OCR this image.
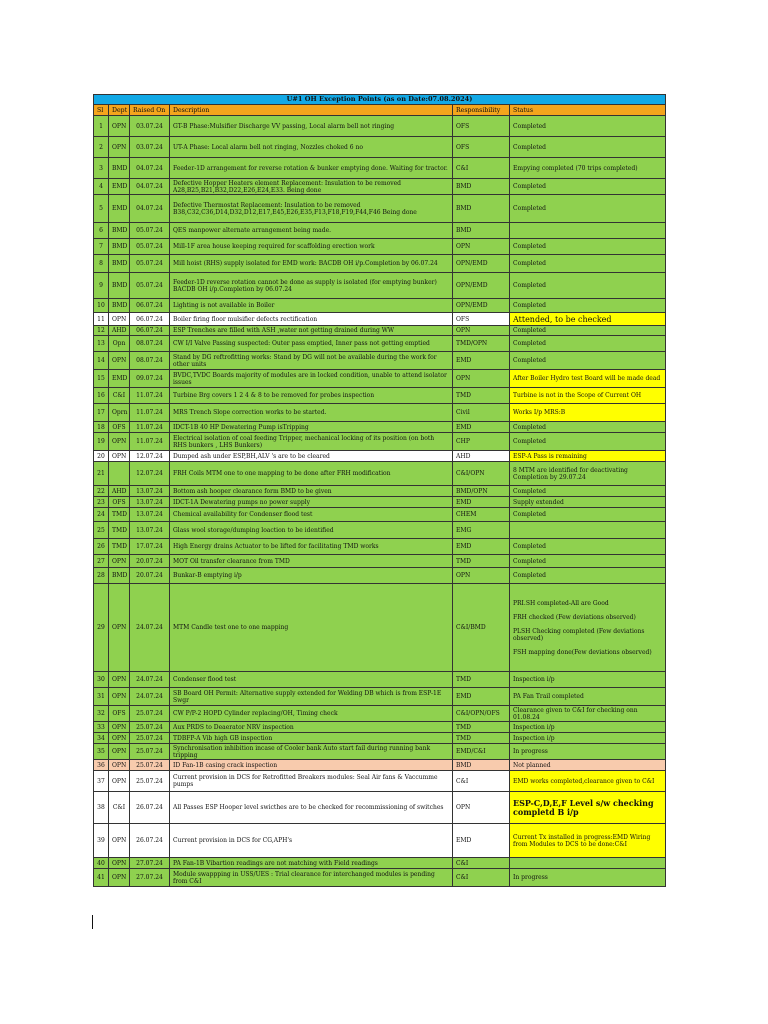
U#1 OH Exception Points (as on Date:07.08.2024)					
Sl	Dept	Raised On	Description	Responsibility	Status
1	OPN	03.07.24	GT-B Phase:Mulsifier Discharge VV passing, Local alarm bell not ringing	OFS	Completed
2	OPN	03.07.24	UT-A Phase: Local alarm bell not ringing, Nozzles choked 6 no	OFS	Completed
3	BMD	04.07.24	Feeder-1D arrangement for reverse rotation & bunker emptying done. Waiting for tractor.	C&I	Empying completed (70 trips completed)
4	EMD	04.07.24	Defective Hopper Heaters element Replacement: Insulation to be removed A28,B25,B21,B32,D22,E26,E24,E33. Being done	BMD	Completed
5	EMD	04.07.24	Defective Thermostat Replacement: Insulation to be removed B38,C32,C36,D14,D32,D12,E17,E45,E26,E35,F13,F18,F19,F44,F46 Being done	BMD	Completed
6	BMD	05.07.24	QES manpower alternate arrangement being made.	BMD	
7	BMD	05.07.24	Mill-1F area house keeping required for scaffolding erection work	OPN	Completed
8	BMD	05.07.24	Mill hoist (RHS) supply isolated for EMD work: BACDB OH i/p.Completion by 06.07.24	OPN/EMD	Completed
9	BMD	05.07.24	Feeder-1D reverse rotation cannot be done as supply is isolated (for emptying bunker) BACDB OH i/p.Completion by 06.07.24	OPN/EMD	Completed
10	BMD	06.07.24	Lighting is not available in Boiler	OPN/EMD	Completed
11	OPN	06.07.24	Boiler firing floor mulsifier defects rectification	OFS	Attended, to be checked
12	AHD	06.07.24	ESP Trenches are filled with ASH ,water not getting drained during WW	OPN	Completed
13	Opn	08.07.24	CW I/I Valve Passing suspected: Outer pass emptied, Inner pass not getting emptied	TMD/OPN	Completed
14	OPN	08.07.24	Stand by DG reftrofitting works: Stand by DG will not be available during the work for other units	EMD	Completed
15	EMD	09.07.24	BVDC,TVDC Boards majority of modules are in locked condition, unable to attend isolator issues	OPN	After Boiler Hydro test Board will be made dead
16	C&I	11.07.24	Turbine Brg covers 1 2 4 & 8 to be removed for probes inspection	TMD	Turbine is not in the Scope of Current OH
17	Oprn	11.07.24	MRS Trench Slope correction works to be started.	Civil	Works I/p MRS:B
18	OFS	11.07.24	IDCT-1B 40 HP Dewatering Pump isTripping	EMD	Completed
19	OPN	11.07.24	Electrical isolation of coal feeding Tripper, mechanical locking of its position (on both RHS bunkers , LHS Bunkers)	CHP	Completed
20	OPN	12.07.24	Dumped ash under ESP,BH,ALV 's are to be cleared	AHD	ESP-A Pass is remaining
21		12.07.24	FRH Coils MTM one to one mapping to be done after FRH modification	C&I/OPN	8 MTM are identified for deactivating Completion by 29.07.24
22	AHD	13.07.24	Bottom ash hooper clearance form BMD to be given	BMD/OPN	Completed
23	OFS	13.07.24	IDCT-1A Dewatering pumps no power supply	EMD	Supply extended
24	TMD	13.07.24	Chemical availability for Condenser flood test	CHEM	Completed
25	TMD	13.07.24	Glass wool storage/dumping loaction to be identified	EMG	
26	TMD	17.07.24	High Energy drains Actuator to be lifted for facilitating TMD works	EMD	Completed
27	OPN	20.07.24	MOT Oil transfer clearance from TMD	TMD	Completed
28	BMD	20.07.24	Bunkar-B emptying i/p	OPN	Completed
29	OPN	24.07.24	MTM Candle test one to one mapping	C&I/BMD	PRI.SH completed-All are Good
FRH checked (Few deviations observed)
PLSH Checking completed (Few deviations observed)
FSH mapping done(Few deviations observed)

30	OPN	24.07.24	Condenser flood test	TMD	Inspection i/p
31	OPN	24.07.24	SB Board OH Permit: Alternative supply extended for Welding DB which is from ESP-1E Swgr	EMD	PA Fan Trail completed
32	OFS	25.07.24	CW P/P-2 HOPD Cylinder replacing/OH, Timing check	C&I/OPN/OFS	Clearance given to C&I for checking onn 01.08.24
33	OPN	25.07.24	Aux PRDS to Deaerator NRV inspection	TMD	Inspection i/p
34	OPN	25.07.24	TDBFP-A Vib high GB inspection	TMD	Inspection i/p
35	OPN	25.07.24	Synchronisation inhibition incase of Cooler bank Auto start fail during running bank tripping	EMD/C&I	In progress
36	OPN	25.07.24	ID Fan-1B casing crack inspection	BMD	Not planned
37	OPN	25.07.24	Current provision in DCS for Retrofitted Breakers modules: Seal Air fans & Vaccumme pumps	C&I	EMD works completed,clearance given to C&I
38	C&I	26.07.24	All Passes ESP Hooper level swicthes are to be checked for recommissioning of switches	OPN	ESP-C,D,E,F Level s/w checking completd B i/p
39	OPN	26.07.24	Current provision in DCS for CG,APH's	EMD	Current Tx installed in progress:EMD Wiring from Modules to DCS to be done:C&I
40	OPN	27.07.24	PA Fan-1B Vibartion readings are not matching with Field readings	C&I	
41	OPN	27.07.24	Module swappping in USS/UES : Trial clearance for interchanged modules is pending from C&I	C&I	In progress
